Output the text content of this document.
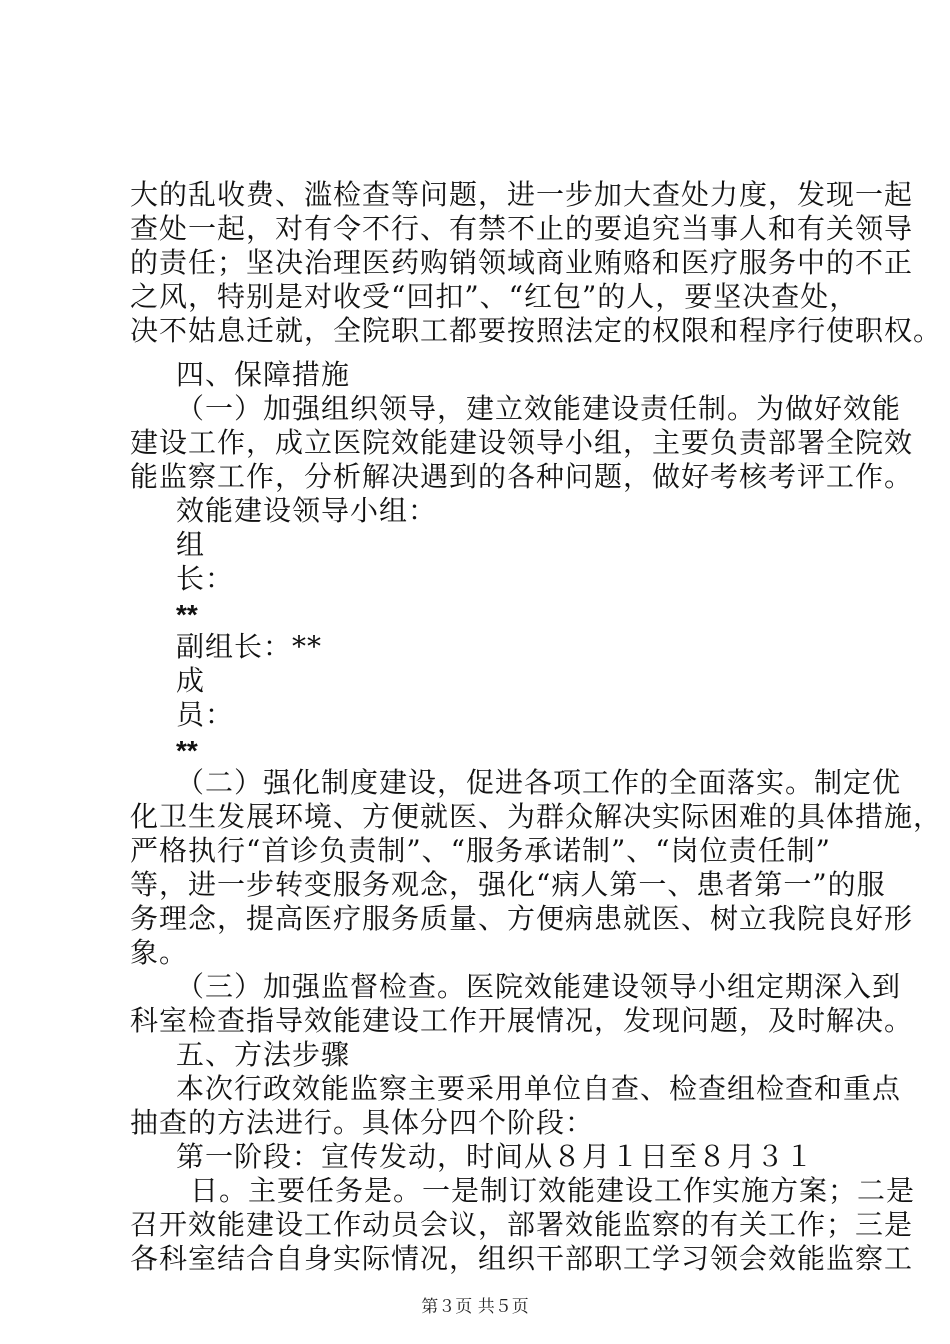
大的乱收费、滥检查等问题，进一步加大查处力度，发现一起
查处一起，对有令不行、有禁不止的要追究当事人和有关领导
的责任；坚决治理医药购销领域商业贿赂和医疗服务中的不正
之风，特别是对收受“回扣”、“红包”的人，要坚决查处，
决不姑息迁就，全院职工都要按照法定的权限和程序行使职权。
四、保障措施
（一）加强组织领导，建立效能建设责任制。为做好效能
建设工作，成立医院效能建设领导小组，主要负责部署全院效
能监察工作，分析解决遇到的各种问题，做好考核考评工作。
效能建设领导小组：
组
长：
**
副组长：**
成
员：
**
（二）强化制度建设，促进各项工作的全面落实。制定优
化卫生发展环境、方便就医、为群众解决实际困难的具体措施，
严格执行“首诊负责制”、“服务承诺制”、“岗位责任制”
等，进一步转变服务观念，强化“病人第一、患者第一”的服
务理念，提高医疗服务质量、方便病患就医、树立我院良好形
象。
（三）加强监督检查。医院效能建设领导小组定期深入到
科室检查指导效能建设工作开展情况，发现问题，及时解决。
五、方法步骤
本次行政效能监察主要采用单位自查、检查组检查和重点
抽查的方法进行。具体分四个阶段：
第一阶段：宣传发动，时间从８月１日至８月３１
日。主要任务是。一是制订效能建设工作实施方案；二是
召开效能建设工作动员会议，部署效能监察的有关工作；三是
各科室结合自身实际情况，组织干部职工学习领会效能监察工
第３页 共５页
